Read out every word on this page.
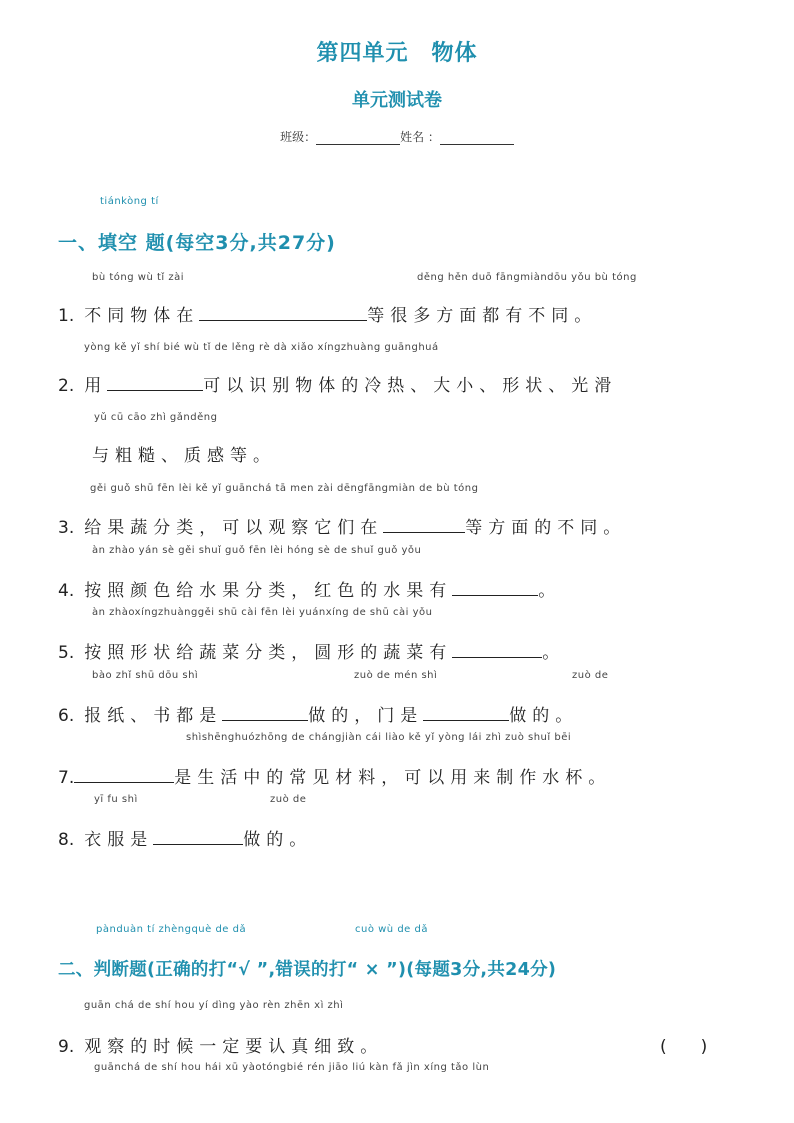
第四单元　物体
单元测试卷
班级：	姓名 ：
tiánkòng tí
一、填空 题(每空3分,共27分)
bù tóng wù tǐ zài	děng hěn duō fāngmiàndōu yǒu bù tóng
1. 不同物体在	等很多方面都有不同。
yòng kě yǐ shí bié wù tǐ de lěng rè dà xiǎo xíngzhuàng guānghuá
2. 用	可以识别物体的冷热、大小、形状、光滑
yǔ cū cāo zhì gǎnděng
与粗糙、质感等。
gěi guǒ shū fēn lèi kě yǐ guānchá tā men zài dēngfāngmiàn de bù tóng
3. 给果蔬分类，可以观察它们在	等方面的不同。
àn zhào yán sè gěi shuǐ guǒ fēn lèi hóng sè de shuǐ guǒ yǒu
4. 按照颜色给水果分类，红色的水果有	。
àn zhàoxíngzhuànggěi shū cài fēn lèi yuánxíng de shū cài yǒu
5. 按照形状给蔬菜分类，圆形的蔬菜有	。
bào zhǐ shū dōu shì	zuò de mén shì	zuò de
6. 报纸、书都是	做的，门是	做的。
shìshēnghuózhōng de chángjiàn cái liào kě yǐ yòng lái zhì zuò shuǐ bēi
7.	是生活中的常见材料，可以用来制作水杯。
yī fu shì	zuò de
8. 衣服是	做的。
pànduàn tí zhèngquè de dǎ	cuò wù de dǎ
二、判断题(正确的打“√ ”,错误的打“ × ”)(每题3分,共24分)
guān chá de shí hou yí dìng yào rèn zhēn xì zhì
9. 观察的时候一定要认真细致。	(　　)
guānchá de shí hou hái xū yàotóngbié rén jiāo liú kàn fǎ jìn xíng tǎo lùn
